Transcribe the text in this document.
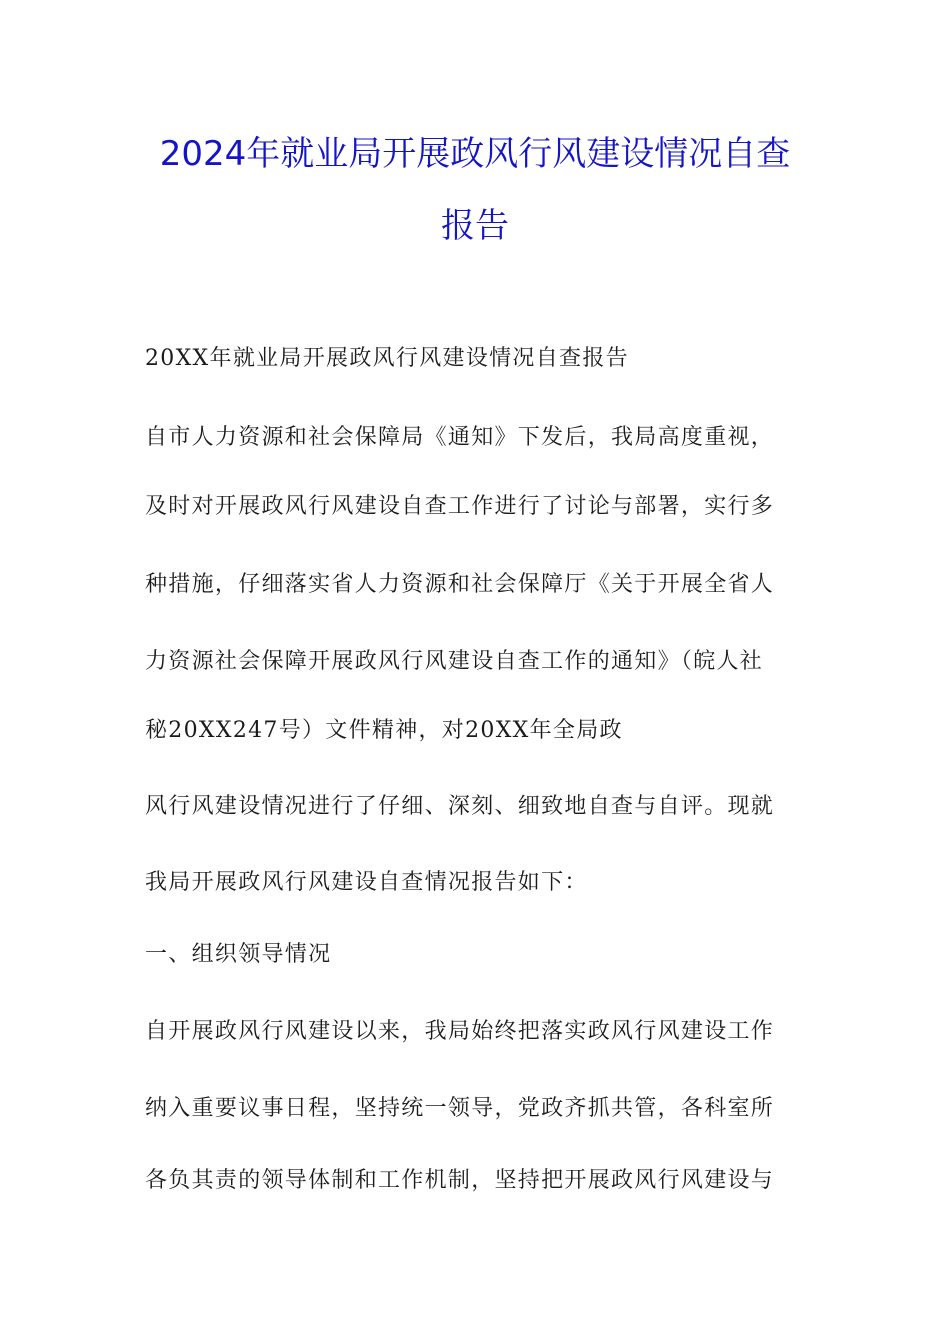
2024年就业局开展政风行风建设情况自查
报告

20XX年就业局开展政风行风建设情况自查报告

自市人力资源和社会保障局《通知》下发后，我局高度重视，

及时对开展政风行风建设自查工作进行了讨论与部署，实行多

种措施，仔细落实省人力资源和社会保障厅《关于开展全省人

力资源社会保障开展政风行风建设自查工作的通知》（皖人社

秘20XX247号）文件精神，对20XX年全局政

风行风建设情况进行了仔细、深刻、细致地自查与自评。现就

我局开展政风行风建设自查情况报告如下：

一、组织领导情况

自开展政风行风建设以来，我局始终把落实政风行风建设工作

纳入重要议事日程，坚持统一领导，党政齐抓共管，各科室所

各负其责的领导体制和工作机制，坚持把开展政风行风建设与
